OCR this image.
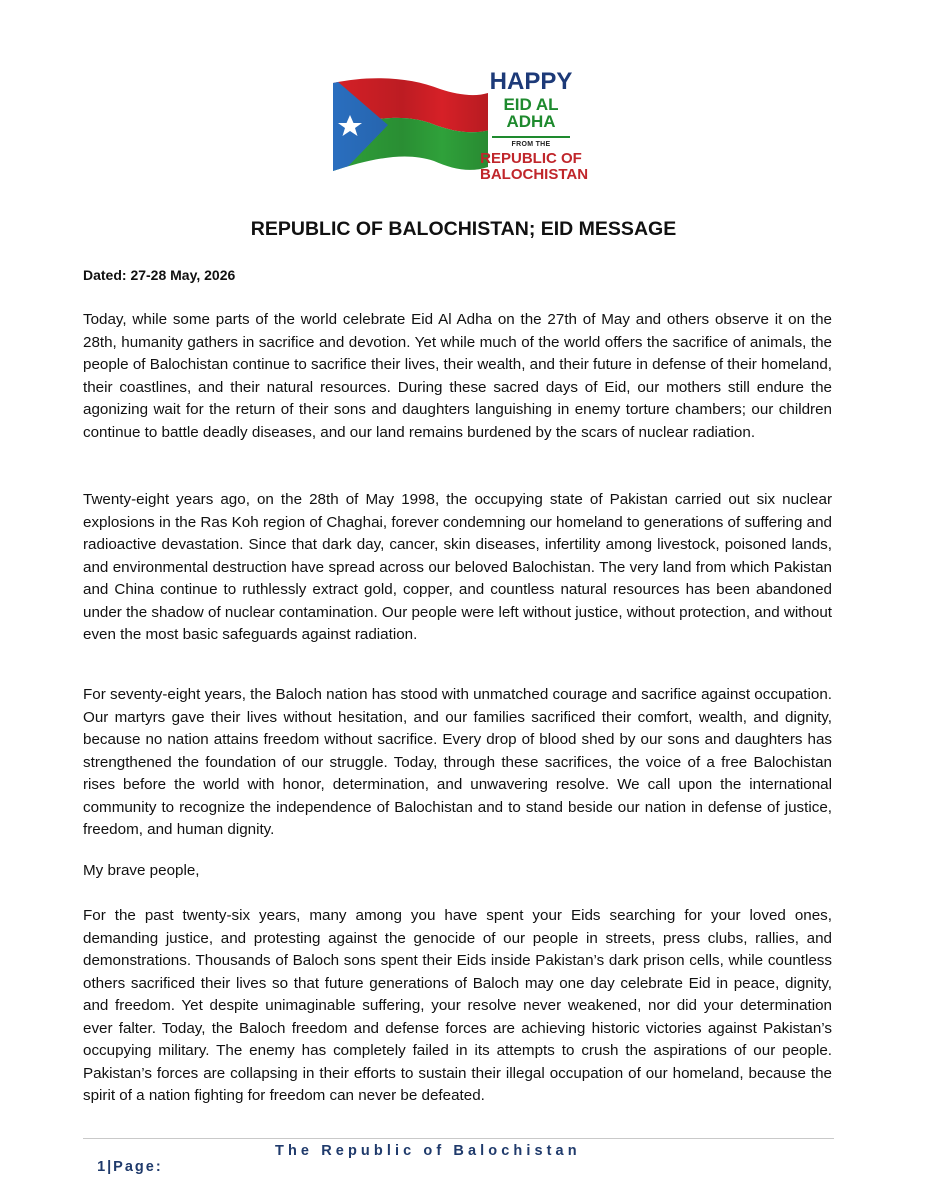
HAPPY
EID AL ADHA
FROM THE
REPUBLIC OF
BALOCHISTAN
REPUBLIC OF BALOCHISTAN; EID MESSAGE
Dated: 27-28 May, 2026

Today, while some parts of the world celebrate Eid Al Adha on the 27th of May and others observe it on the 28th, humanity gathers in sacrifice and devotion. Yet while much of the world offers the sacrifice of animals, the people of Balochistan continue to sacrifice their lives, their wealth, and their future in defense of their homeland, their coastlines, and their natural resources. During these sacred days of Eid, our mothers still endure the agonizing wait for the return of their sons and daughters languishing in enemy torture chambers; our children continue to battle deadly diseases, and our land remains burdened by the scars of nuclear radiation.

Twenty-eight years ago, on the 28th of May 1998, the occupying state of Pakistan carried out six nuclear explosions in the Ras Koh region of Chaghai, forever condemning our homeland to generations of suffering and radioactive devastation. Since that dark day, cancer, skin diseases, infertility among livestock, poisoned lands, and environmental destruction have spread across our beloved Balochistan. The very land from which Pakistan and China continue to ruthlessly extract gold, copper, and countless natural resources has been abandoned under the shadow of nuclear contamination. Our people were left without justice, without protection, and without even the most basic safeguards against radiation.

For seventy-eight years, the Baloch nation has stood with unmatched courage and sacrifice against occupation. Our martyrs gave their lives without hesitation, and our families sacrificed their comfort, wealth, and dignity, because no nation attains freedom without sacrifice. Every drop of blood shed by our sons and daughters has strengthened the foundation of our struggle. Today, through these sacrifices, the voice of a free Balochistan rises before the world with honor, determination, and unwavering resolve. We call upon the international community to recognize the independence of Balochistan and to stand beside our nation in defense of justice, freedom, and human dignity.

My brave people,

For the past twenty-six years, many among you have spent your Eids searching for your loved ones, demanding justice, and protesting against the genocide of our people in streets, press clubs, rallies, and demonstrations. Thousands of Baloch sons spent their Eids inside Pakistan’s dark prison cells, while countless others sacrificed their lives so that future generations of Baloch may one day celebrate Eid in peace, dignity, and freedom. Yet despite unimaginable suffering, your resolve never weakened, nor did your determination ever falter. Today, the Baloch freedom and defense forces are achieving historic victories against Pakistan’s occupying military. The enemy has completely failed in its attempts to crush the aspirations of our people. Pakistan’s forces are collapsing in their efforts to sustain their illegal occupation of our homeland, because the spirit of a nation fighting for freedom can never be defeated.

1|Page:

The Republic of Balochistan
